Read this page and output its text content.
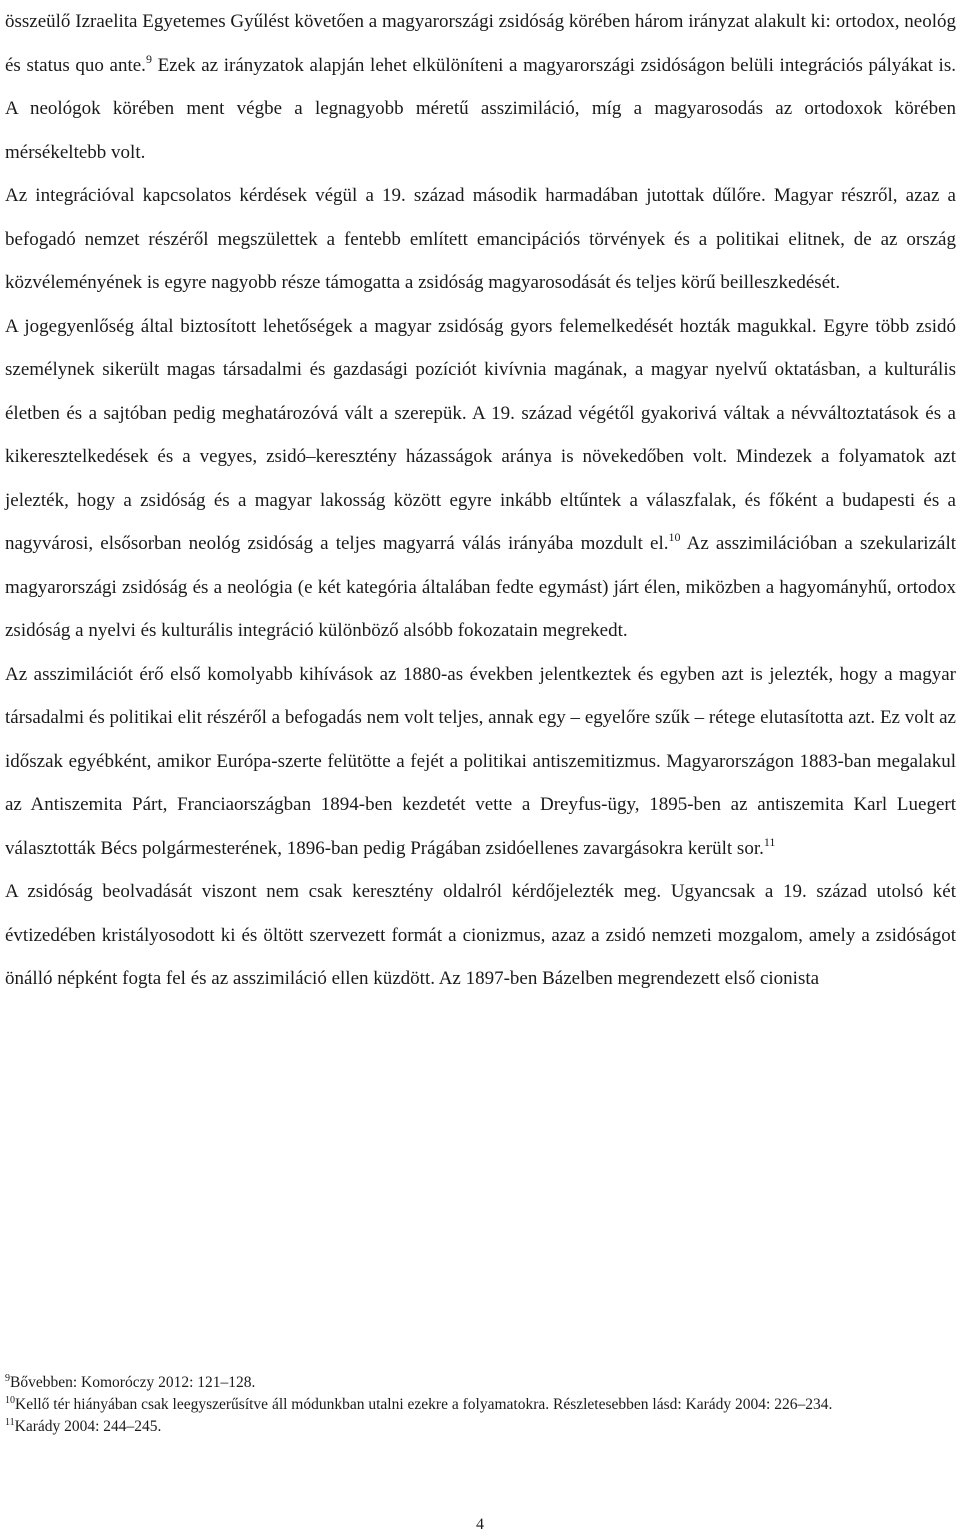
összeülő Izraelita Egyetemes Gyűlést követően a magyarországi zsidóság körében három irányzat alakult ki: ortodox, neológ és status quo ante.$^9$ Ezek az irányzatok alapján lehet elkülöníteni a magyarországi zsidóságon belüli integrációs pályákat is. A neológok körében ment végbe a legnagyobb méretű asszimiláció, míg a magyarosodás az ortodoxok körében mérsékeltebb volt.

Az integrációval kapcsolatos kérdések végül a 19. század második harmadában jutottak dűlőre. Magyar részről, azaz a befogadó nemzet részéről megszülettek a fentebb említett emancipációs törvények és a politikai elitnek, de az ország közvéleményének is egyre nagyobb része támogatta a zsidóság magyarosodását és teljes körű beilleszkedését.

A jogegyenlőség által biztosított lehetőségek a magyar zsidóság gyors felemelkedését hozták magukkal. Egyre több zsidó személynek sikerült magas társadalmi és gazdasági pozíciót kivívnia magának, a magyar nyelvű oktatásban, a kulturális életben és a sajtóban pedig meghatározóvá vált a szerepük. A 19. század végétől gyakorivá váltak a névváltoztatások és a kikeresztelkedések és a vegyes, zsidó–keresztény házasságok aránya is növekedőben volt. Mindezek a folyamatok azt jelezték, hogy a zsidóság és a magyar lakosság között egyre inkább eltűntek a válaszfalak, és főként a budapesti és a nagyvárosi, elsősorban neológ zsidóság a teljes magyarrá válás irányába mozdult el.$^{10}$ Az asszimilációban a szekularizált magyarországi zsidóság és a neológia (e két kategória általában fedte egymást) járt élen, miközben a hagyományhű, ortodox zsidóság a nyelvi és kulturális integráció különböző alsóbb fokozatain megrekedt.

Az asszimilációt érő első komolyabb kihívások az 1880-as években jelentkeztek és egyben azt is jelezték, hogy a magyar társadalmi és politikai elit részéről a befogadás nem volt teljes, annak egy – egyelőre szűk – rétege elutasította azt. Ez volt az időszak egyébként, amikor Európa-szerte felütötte a fejét a politikai antiszemitizmus. Magyarországon 1883-ban megalakul az Antiszemita Párt, Franciaországban 1894-ben kezdetét vette a Dreyfus-ügy, 1895-ben az antiszemita Karl Luegert választották Bécs polgármesterének, 1896-ban pedig Prágában zsidóellenes zavargásokra került sor.$^{11}$

A zsidóság beolvadását viszont nem csak keresztény oldalról kérdőjelezték meg. Ugyancsak a 19. század utolsó két évtizedében kristályosodott ki és öltött szervezett formát a cionizmus, azaz a zsidó nemzeti mozgalom, amely a zsidóságot önálló népként fogta fel és az asszimiláció ellen küzdött. Az 1897-ben Bázelben megrendezett első cionista

$^9$Bővebben: Komoróczy 2012: 121–128.

$^{10}$Kellő tér hiányában csak leegyszerűsítve áll módunkban utalni ezekre a folyamatokra. Részletesebben lásd: Karády 2004: 226–234.

$^{11}$Karády 2004: 244–245.

4
